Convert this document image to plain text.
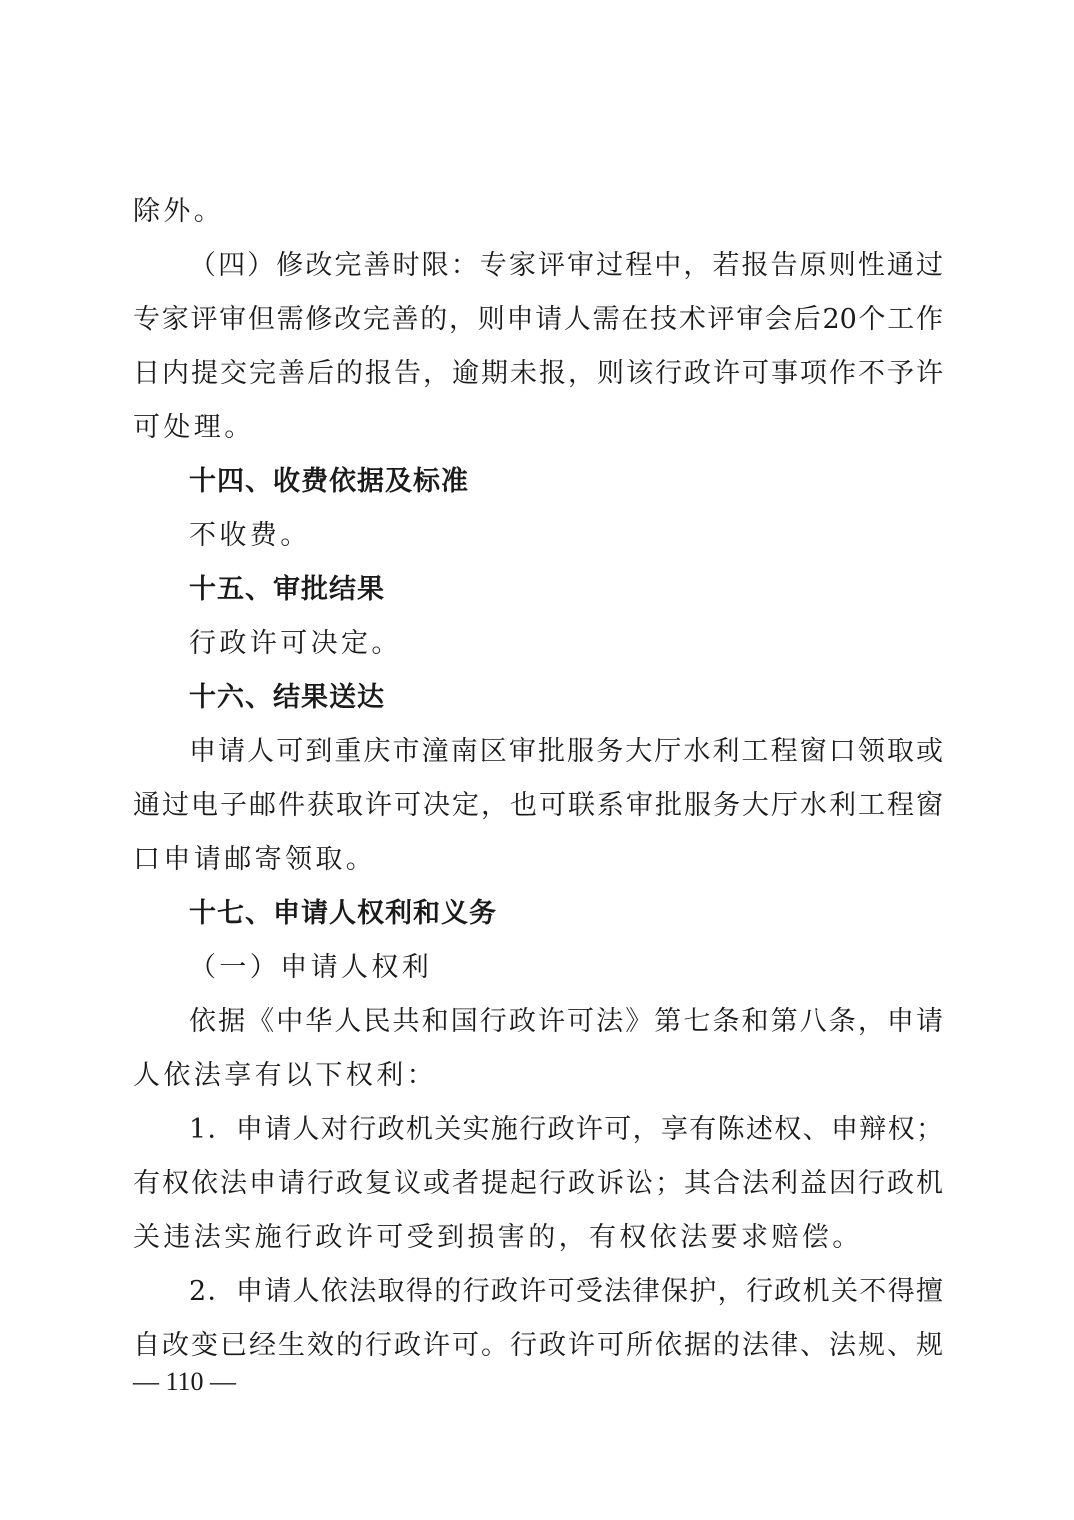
除外。
（四）修改完善时限：专家评审过程中，若报告原则性通过
专家评审但需修改完善的，则申请人需在技术评审会后20个工作
日内提交完善后的报告，逾期未报，则该行政许可事项作不予许
可处理。
十四、收费依据及标准
不收费。
十五、审批结果
行政许可决定。
十六、结果送达
申请人可到重庆市潼南区审批服务大厅水利工程窗口领取或
通过电子邮件获取许可决定，也可联系审批服务大厅水利工程窗
口申请邮寄领取。
十七、申请人权利和义务
（一）申请人权利
依据《中华人民共和国行政许可法》第七条和第八条，申请
人依法享有以下权利：
1．申请人对行政机关实施行政许可，享有陈述权、申辩权；
有权依法申请行政复议或者提起行政诉讼；其合法利益因行政机
关违法实施行政许可受到损害的，有权依法要求赔偿。
2．申请人依法取得的行政许可受法律保护，行政机关不得擅
自改变已经生效的行政许可。行政许可所依据的法律、法规、规
— 110 —
